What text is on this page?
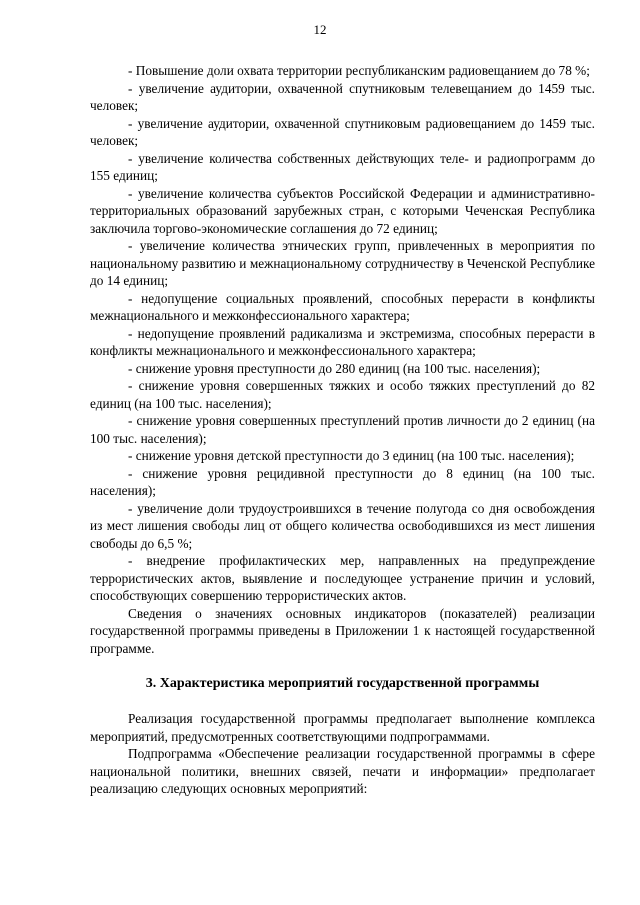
12

- Повышение доли охвата территории республиканским радиовещанием до 78 %;

- увеличение аудитории, охваченной спутниковым телевещанием до 1459 тыс. человек;

- увеличение аудитории, охваченной спутниковым радиовещанием до 1459 тыс. человек;

- увеличение количества собственных действующих теле- и радиопрограмм до 155 единиц;

- увеличение количества субъектов Российской Федерации и административно-территориальных образований зарубежных стран, с которыми Чеченская Республика заключила торгово-экономические соглашения до 72 единиц;

- увеличение количества этнических групп, привлеченных в мероприятия по национальному развитию и межнациональному сотрудничеству в Чеченской Республике до 14 единиц;

- недопущение социальных проявлений, способных перерасти в конфликты межнационального и межконфессионального характера;

- недопущение проявлений радикализма и экстремизма, способных перерасти в конфликты межнационального и межконфессионального характера;

- снижение уровня преступности до 280 единиц (на 100 тыс. населения);

- снижение уровня совершенных тяжких и особо тяжких преступлений до 82 единиц (на 100 тыс. населения);

- снижение уровня совершенных преступлений против личности до 2 единиц (на 100 тыс. населения);

- снижение уровня детской преступности до 3 единиц (на 100 тыс. населения);

- снижение уровня рецидивной преступности до 8 единиц (на 100 тыс. населения);

- увеличение доли трудоустроившихся в течение полугода со дня освобождения из мест лишения свободы лиц от общего количества освободившихся из мест лишения свободы до 6,5 %;

- внедрение профилактических мер, направленных на предупреждение террористических актов, выявление и последующее устранение причин и условий, способствующих совершению террористических актов.

Сведения о значениях основных индикаторов (показателей) реализации государственной программы приведены в Приложении 1 к настоящей государственной программе.

3. Характеристика мероприятий государственной программы

Реализация государственной программы предполагает выполнение комплекса мероприятий, предусмотренных соответствующими подпрограммами.

Подпрограмма «Обеспечение реализации государственной программы в сфере национальной политики, внешних связей, печати и информации» предполагает реализацию следующих основных мероприятий:
